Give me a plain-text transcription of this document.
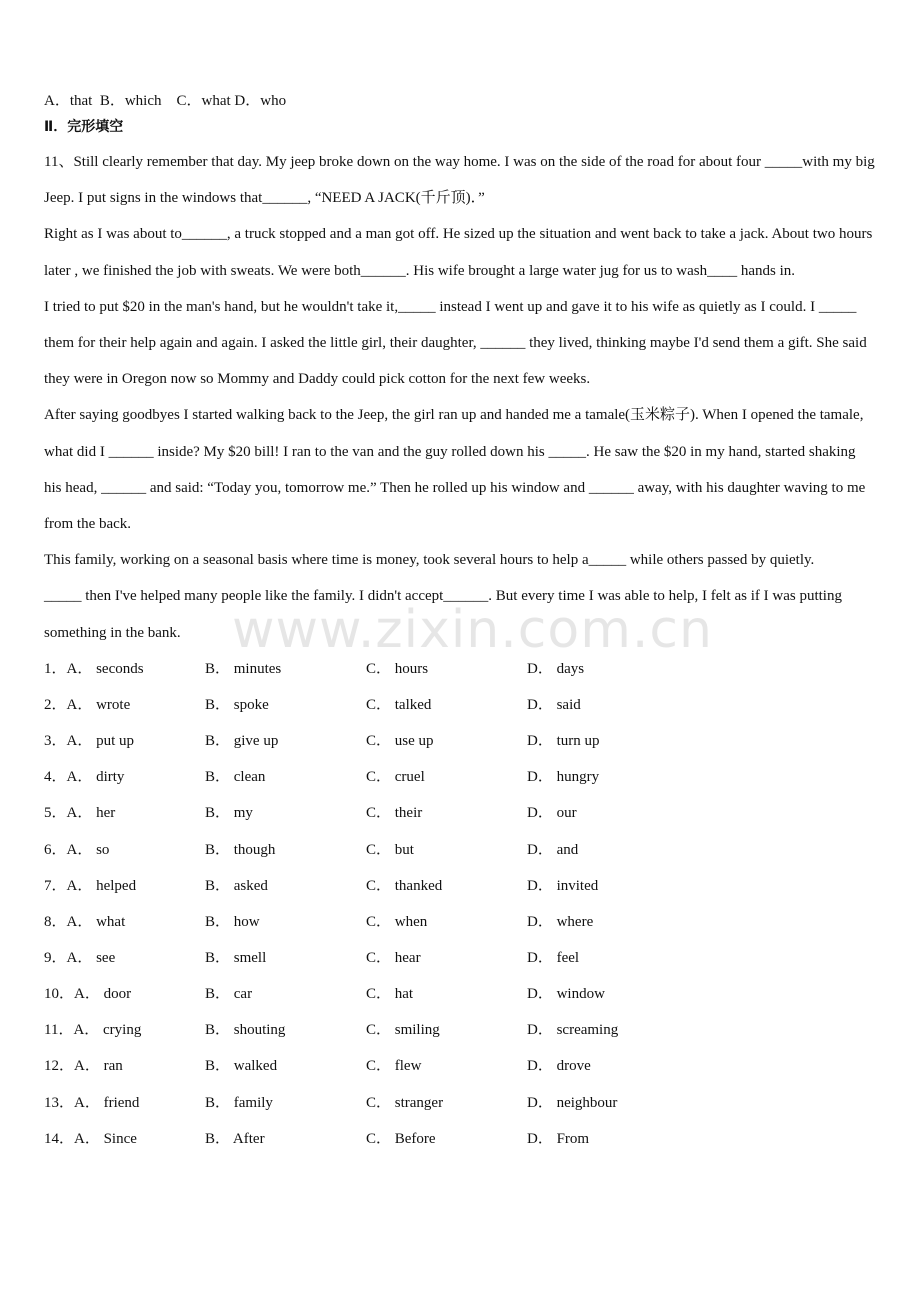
A．that  B．which    C．what D．who
Ⅱ．完形填空

11、Still clearly remember that day. My jeep broke down on the way home. I was on the side of the road for about four _____with my big Jeep. I put signs in the windows that______, “NEED A JACK(千斤顶)．”

Right as I was about to______, a truck stopped and a man got off. He sized up the situation and went back to take a jack. About two hours later , we finished the job with sweats. We were both______. His wife brought a large water jug for us to wash____ hands in.

I tried to put $20 in the man's hand, but he wouldn't take it,_____ instead I went up and gave it to his wife as quietly as I could. I _____ them for their help again and again. I asked the little girl, their daughter, ______ they lived, thinking maybe I'd send them a gift. She said they were in Oregon now so Mommy and Daddy could pick cotton for the next few weeks.

After saying goodbyes I started walking back to the Jeep, the girl ran up and handed me a tamale(玉米粽子). When I opened the tamale, what did I ______ inside? My $20 bill! I ran to the van and the guy rolled down his _____. He saw the $20 in my hand, started shaking his head, ______ and said: “Today you, tomorrow me.” Then he rolled up his window and ______ away, with his daughter waving to me from the back.

This family, working on a seasonal basis where time is money, took several hours to help a_____ while others passed by quietly.

_____ then I've helped many people like the family. I didn't accept______. But every time I was able to help, I felt as if I was putting something in the bank.

1．A． seconds	B． minutes	C． hours	D． days
2．A． wrote	B． spoke	C． talked	D． said
3．A． put up	B． give up	C． use up	D． turn up
4．A． dirty	B． clean	C． cruel	D． hungry
5．A． her	B． my	C． their	D． our
6．A． so	B． though	C． but	D． and
7．A． helped	B． asked	C． thanked	D． invited
8．A． what	B． how	C． when	D． where
9．A． see	B． smell	C． hear	D． feel
10．A． door	B． car	C． hat	D． window
11．A． crying	B． shouting	C． smiling	D． screaming
12．A． ran	B． walked	C． flew	D． drove
13．A． friend	B． family	C． stranger	D． neighbour
14．A． Since	B． After	C． Before	D． From
www.zixin.com.cn
